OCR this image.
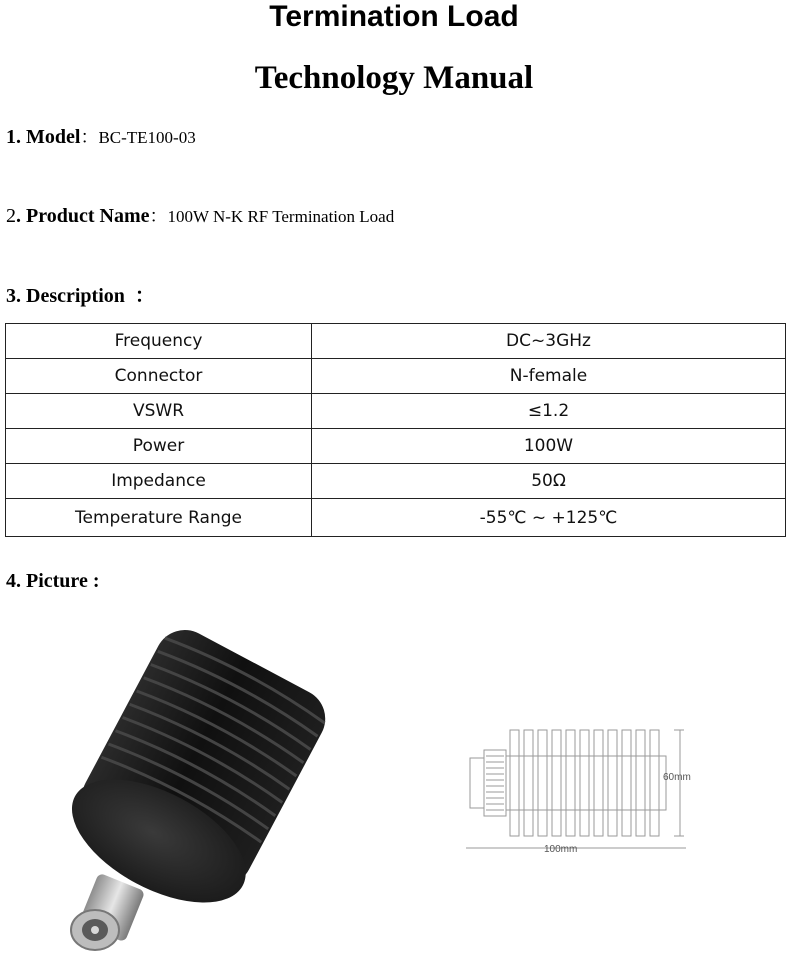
Termination Load
Technology Manual
1. Model：BC-TE100-03
2. Product Name：100W N-K RF Termination Load
3. Description  ：
Frequency	DC~3GHz
Connector	N-female
VSWR	≤1.2
Power	100W
Impedance	50Ω
Temperature Range	-55℃ ~ +125℃
4. Picture :
60mm
100mm
